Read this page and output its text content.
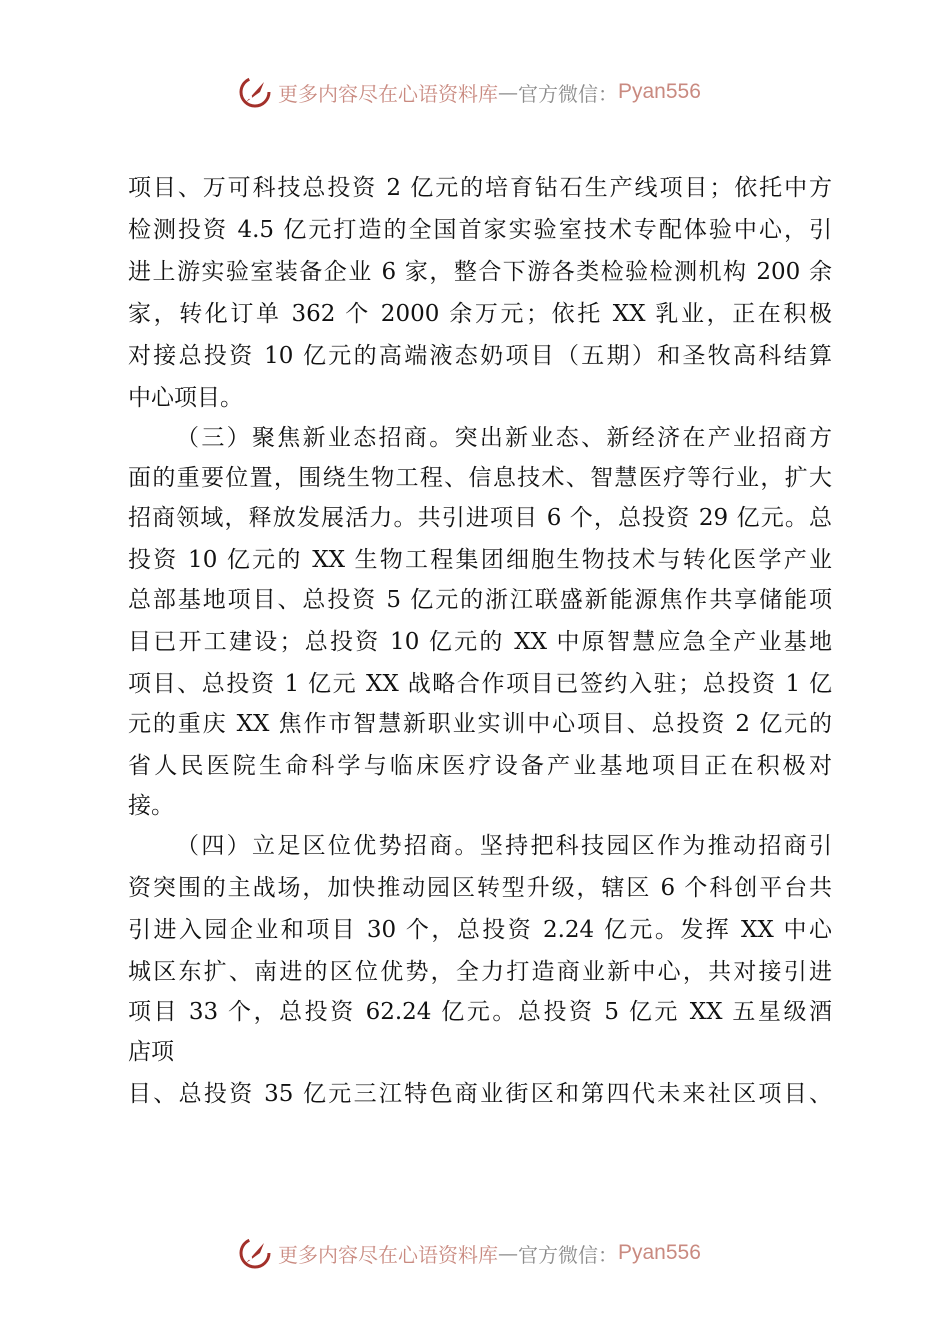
更多内容尽在心语资料库 — 官方微信： Pyan556
项目、万可科技总投资 2 亿元的培育钻石生产线项目；依托中方
检测投资 4.5 亿元打造的全国首家实验室技术专配体验中心，引
进上游实验室装备企业 6 家，整合下游各类检验检测机构 200 余
家，转化订单 362 个 2000 余万元；依托 XX 乳业，正在积极
对接总投资 10 亿元的高端液态奶项目（五期）和圣牧高科结算
中心项目。
（三）聚焦新业态招商。突出新业态、新经济在产业招商方
面的重要位置，围绕生物工程、信息技术、智慧医疗等行业，扩大
招商领域，释放发展活力。共引进项目 6 个，总投资 29 亿元。总
投资 10 亿元的 XX 生物工程集团细胞生物技术与转化医学产业
总部基地项目、总投资 5 亿元的浙江联盛新能源焦作共享储能项
目已开工建设；总投资 10 亿元的 XX 中原智慧应急全产业基地
项目、总投资 1 亿元 XX 战略合作项目已签约入驻；总投资 1 亿
元的重庆 XX 焦作市智慧新职业实训中心项目、总投资 2 亿元的
省人民医院生命科学与临床医疗设备产业基地项目正在积极对
接。
（四）立足区位优势招商。坚持把科技园区作为推动招商引
资突围的主战场，加快推动园区转型升级，辖区 6 个科创平台共
引进入园企业和项目 30 个，总投资 2.24 亿元。发挥 XX 中心
城区东扩、南进的区位优势，全力打造商业新中心，共对接引进
项目 33 个，总投资 62.24 亿元。总投资 5 亿元 XX 五星级酒
店项
目、总投资 35 亿元三江特色商业街区和第四代未来社区项目、
更多内容尽在心语资料库 — 官方微信： Pyan556
